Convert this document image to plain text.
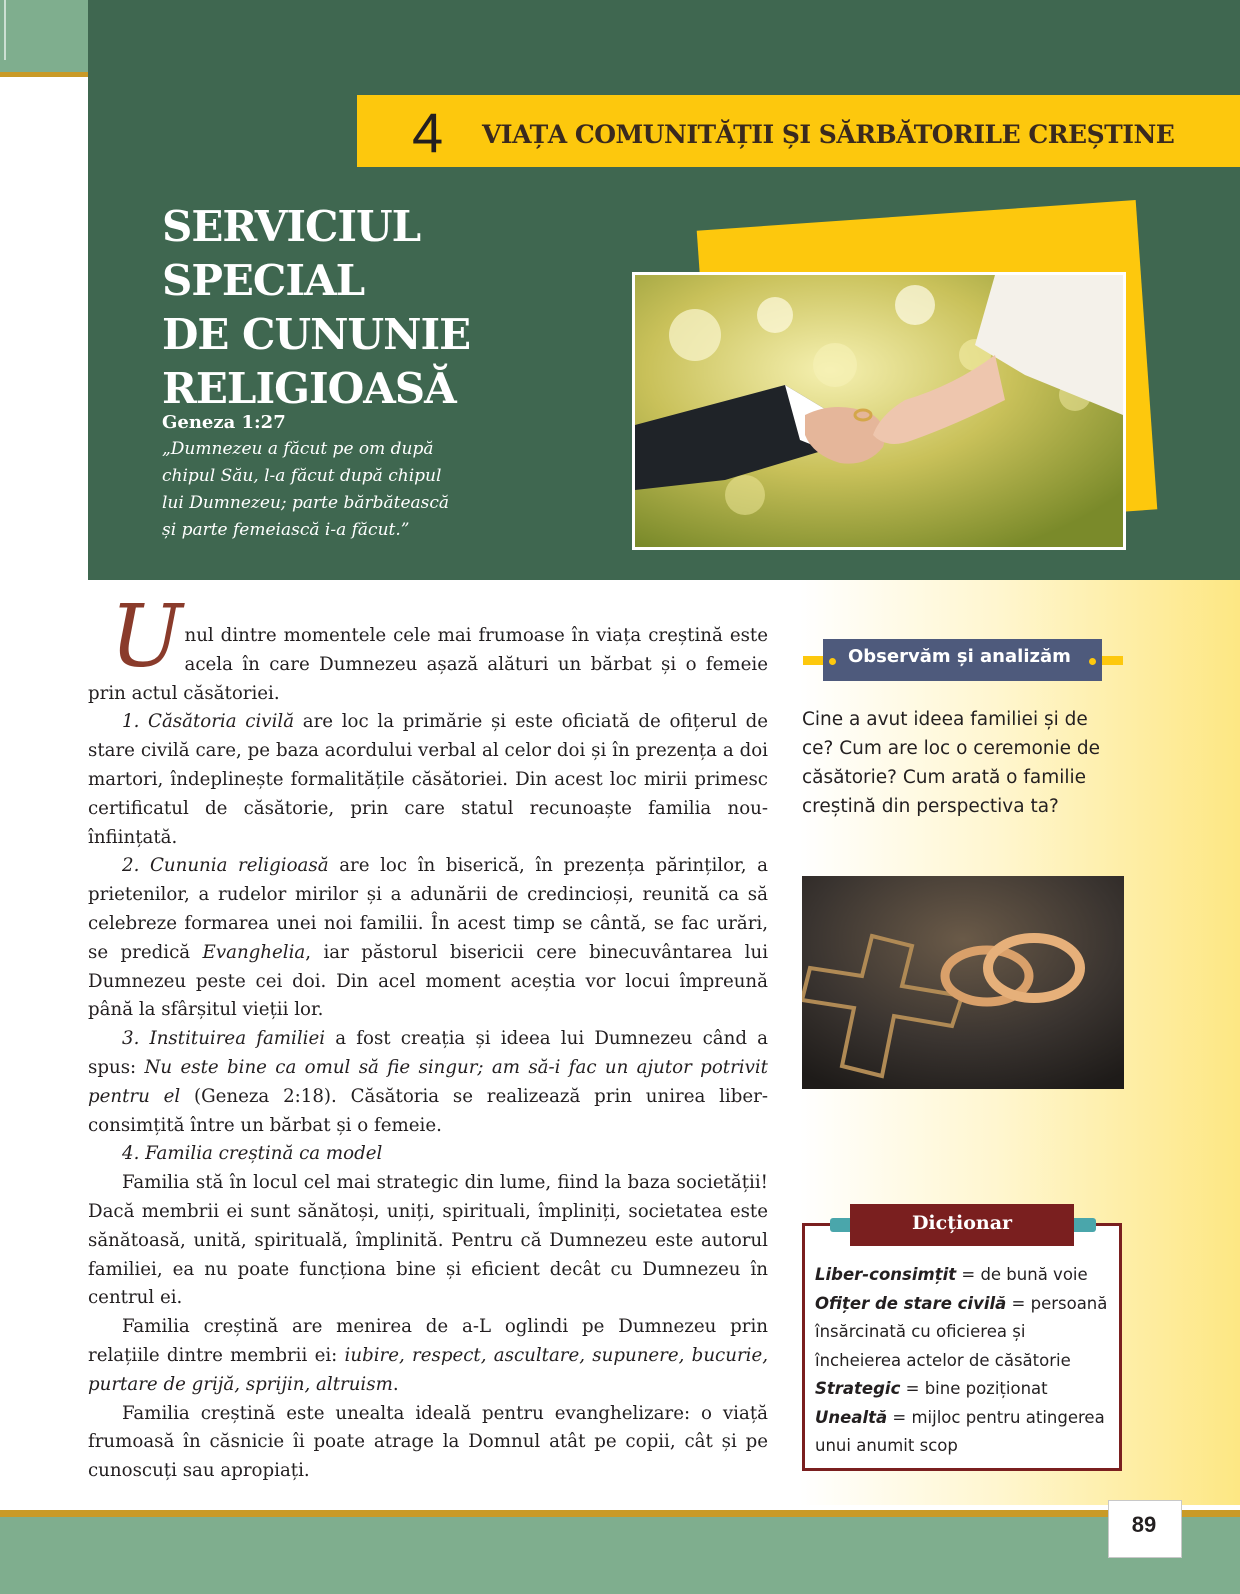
4 VIAȚA COMUNITĂȚII ȘI SĂRBĂTORILE CREȘTINE
SERVICIUL SPECIAL
DE CUNUNIE
RELIGIOASĂ
Geneza 1:27
„Dumnezeu a făcut pe om după
chipul Său, l-a făcut după chipul
lui Dumnezeu; parte bărbătească
și parte femeiască i-a făcut.”

U nul dintre momentele cele mai frumoase în viața creștină este acela în care Dumnezeu așază alături un bărbat și o femeie prin actul căsătoriei.

1. Căsătoria civilă are loc la primărie și este oficiată de ofițerul de stare civilă care, pe baza acordului verbal al celor doi și în prezența a doi martori, îndeplinește formalitățile căsătoriei. Din acest loc mirii primesc certificatul de căsătorie, prin care statul recunoaște familia nou-înființată.

2. Cununia religioasă are loc în biserică, în prezența părinților, a prietenilor, a rudelor mirilor și a adunării de credincioși, reunită ca să celebreze formarea unei noi familii. În acest timp se cântă, se fac urări, se predică Evanghelia, iar păstorul bisericii cere binecuvântarea lui Dumnezeu peste cei doi. Din acel moment aceștia vor locui împreună până la sfârșitul vieții lor.

3. Instituirea familiei a fost creația și ideea lui Dumnezeu când a spus: Nu este bine ca omul să fie singur; am să-i fac un ajutor potrivit pentru el (Geneza 2:18). Căsătoria se realizează prin unirea liber-consimțită între un bărbat și o femeie.

4. Familia creștină ca model

Familia stă în locul cel mai strategic din lume, fiind la baza societății! Dacă membrii ei sunt sănătoși, uniți, spirituali, împliniți, societatea este sănătoasă, unită, spirituală, împlinită. Pentru că Dumnezeu este autorul familiei, ea nu poate funcționa bine și eficient decât cu Dumnezeu în centrul ei.

Familia creștină are menirea de a-L oglindi pe Dumnezeu prin relațiile dintre membrii ei: iubire, respect, ascultare, supunere, bucurie, purtare de grijă, sprijin, altruism.

Familia creștină este unealta ideală pentru evanghelizare: o viață frumoasă în căsnicie îi poate atrage la Domnul atât pe copii, cât și pe cunoscuți sau apropiați.

Observăm și analizăm
Cine a avut ideea familiei și de ce? Cum are loc o ceremonie de căsătorie? Cum arată o familie creștină din perspectiva ta?
Dicționar
Liber-consimțit = de bună voie
Ofițer de stare civilă = persoană însărcinată cu oficierea și încheierea actelor de căsătorie
Strategic = bine poziționat
Unealtă = mijloc pentru atingerea unui anumit scop
89
